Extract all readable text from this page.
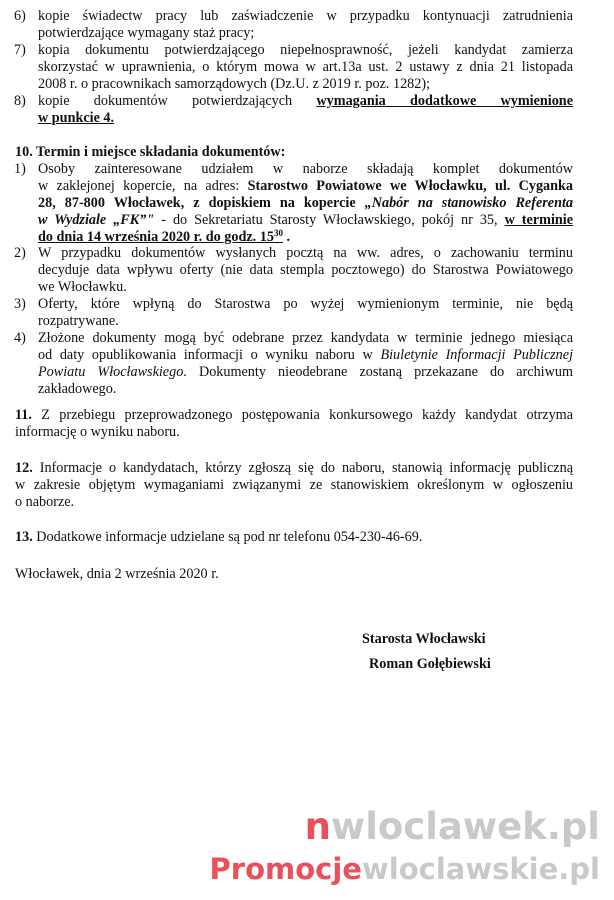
6) kopie świadectw pracy lub zaświadczenie w przypadku kontynuacji zatrudnienia
potwierdzające wymagany staż pracy;
7) kopia dokumentu potwierdzającego niepełnosprawność, jeżeli kandydat zamierza
skorzystać w uprawnienia, o którym mowa w art.13a ust. 2 ustawy z dnia 21 listopada
2008 r. o pracownikach samorządowych (Dz.U. z 2019 r. poz. 1282);
8) kopie dokumentów potwierdzających wymagania dodatkowe wymienione
w punkcie 4.
10. Termin i miejsce składania dokumentów:
1) Osoby zainteresowane udziałem w naborze składają komplet dokumentów
w zaklejonej kopercie, na adres: Starostwo Powiatowe we Włocławku, ul. Cyganka
28, 87-800 Włocławek, z dopiskiem na kopercie „Nabór na stanowisko Referenta
w Wydziale „FK”" - do Sekretariatu Starosty Włocławskiego, pokój nr 35, w terminie
do dnia 14 września 2020 r. do godz. $15^{30}$ .
2) W przypadku dokumentów wysłanych pocztą na ww. adres, o zachowaniu terminu
decyduje data wpływu oferty (nie data stempla pocztowego) do Starostwa Powiatowego
we Włocławku.
3) Oferty, które wpłyną do Starostwa po wyżej wymienionym terminie, nie będą
rozpatrywane.
4) Złożone dokumenty mogą być odebrane przez kandydata w terminie jednego miesiąca
od daty opublikowania informacji o wyniku naboru w Biuletynie Informacji Publicznej
Powiatu Włocławskiego. Dokumenty nieodebrane zostaną przekazane do archiwum
zakładowego.
11. Z przebiegu przeprowadzonego postępowania konkursowego każdy kandydat otrzyma
informację o wyniku naboru.
12. Informacje o kandydatach, którzy zgłoszą się do naboru, stanowią informację publiczną
w zakresie objętym wymaganiami związanymi ze stanowiskiem określonym w ogłoszeniu
o naborze.
13. Dodatkowe informacje udzielane są pod nr telefonu 054-230-46-69.
Włocławek, dnia 2 września 2020 r.
Starosta Włocławski
Roman Gołębiewski
nwloclawek.pl
Promocjewloclawskie.pl
